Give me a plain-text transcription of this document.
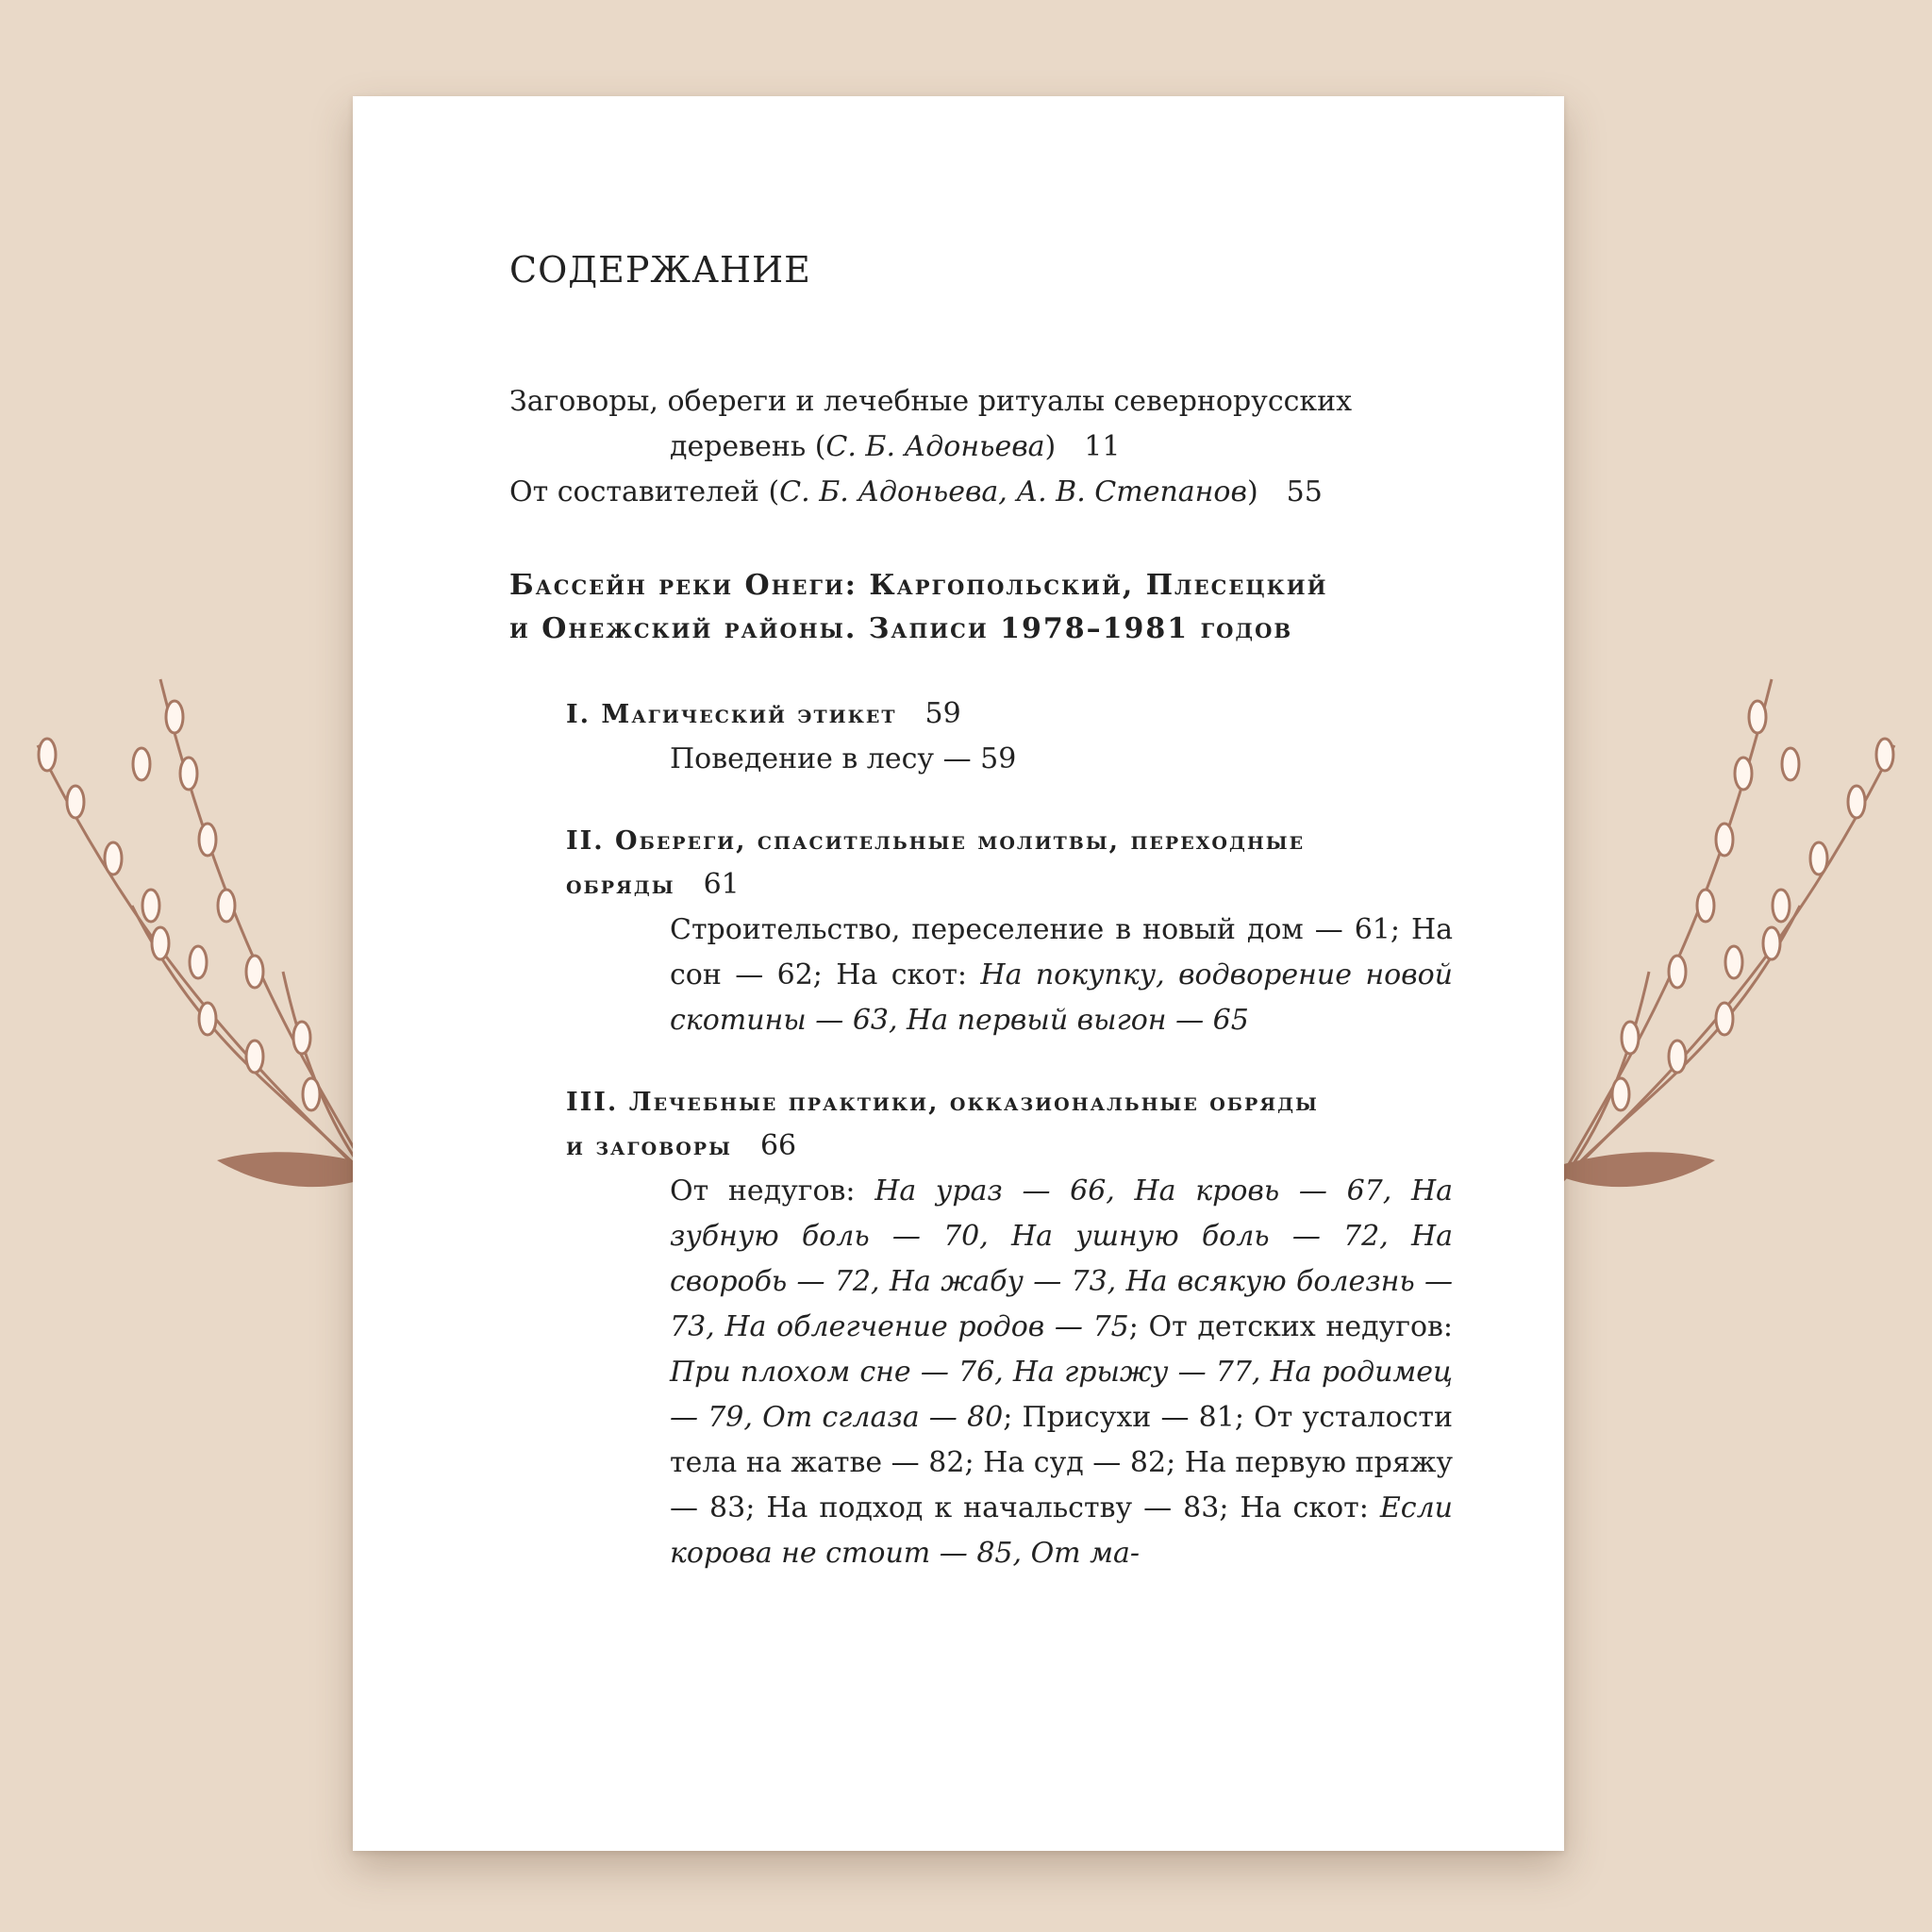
СОДЕРЖАНИЕ

Заговоры, обереги и лечебные ритуалы севернорусских

деревень (С. Б. Адоньева) 11

От составителей (С. Б. Адоньева, А. В. Степанов) 55

Бассейн реки Онеги: Каргопольский, Плесецкий
и Онежский районы. Записи 1978–1981 годов
I. Магический этикет 59
Поведение в лесу — 59
II. Обереги, спасительные молитвы, переходные
обряды 61
Строительство, переселение в новый дом — 61; На сон — 62; На скот: На покупку, водворение новой скотины — 63, На первый выгон — 65
III. Лечебные практики, окказиональные обряды
и заговоры 66
От недугов: На ураз — 66, На кровь — 67, На зубную боль — 70, На ушную боль — 72, На своробь — 72, На жабу — 73, На всякую болезнь — 73, На облегчение родов — 75; От детских недугов: При плохом сне — 76, На грыжу — 77, На родимец — 79, От сглаза — 80; Присухи — 81; От усталости тела на жатве — 82; На суд — 82; На первую пряжу — 83; На подход к начальству — 83; На скот: Если корова не стоит — 85, От ма-
